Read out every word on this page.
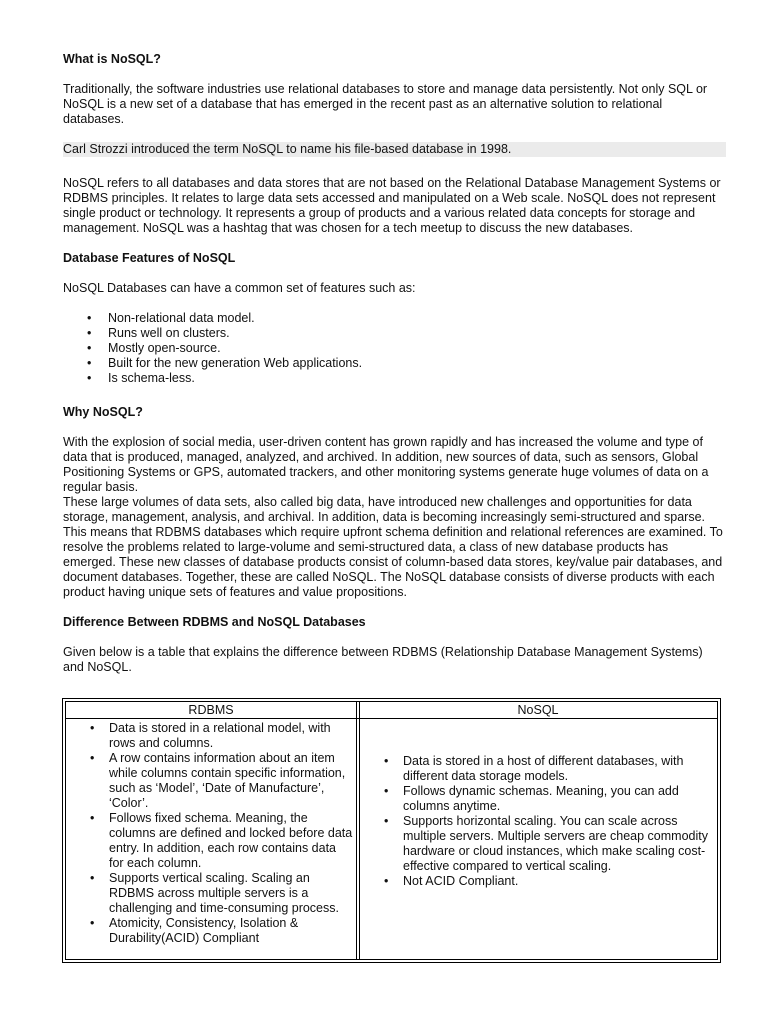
What is NoSQL?

Traditionally, the software industries use relational databases to store and manage data persistently. Not only SQL or NoSQL is a new set of a database that has emerged in the recent past as an alternative solution to relational databases.

Carl Strozzi introduced the term NoSQL to name his file-based database in 1998.

NoSQL refers to all databases and data stores that are not based on the Relational Database Management Systems or RDBMS principles. It relates to large data sets accessed and manipulated on a Web scale. NoSQL does not represent single product or technology. It represents a group of products and a various related data concepts for storage and management. NoSQL was a hashtag that was chosen for a tech meetup to discuss the new databases.

Database Features of NoSQL

NoSQL Databases can have a common set of features such as:

• Non-relational data model.
• Runs well on clusters.
• Mostly open-source.
• Built for the new generation Web applications.
• Is schema-less.
Why NoSQL?

With the explosion of social media, user-driven content has grown rapidly and has increased the volume and type of data that is produced, managed, analyzed, and archived. In addition, new sources of data, such as sensors, Global Positioning Systems or GPS, automated trackers, and other monitoring systems generate huge volumes of data on a regular basis.

These large volumes of data sets, also called big data, have introduced new challenges and opportunities for data storage, management, analysis, and archival. In addition, data is becoming increasingly semi-structured and sparse. This means that RDBMS databases which require upfront schema definition and relational references are examined. To resolve the problems related to large-volume and semi-structured data, a class of new database products has emerged. These new classes of database products consist of column-based data stores, key/value pair databases, and document databases. Together, these are called NoSQL. The NoSQL database consists of diverse products with each product having unique sets of features and value propositions.

Difference Between RDBMS and NoSQL Databases

Given below is a table that explains the difference between RDBMS (Relationship Database Management Systems) and NoSQL.

RDBMS	NoSQL
• Data is stored in a relational model, with rows and columns.
• A row contains information about an item while columns contain specific information, such as ‘Model’, ‘Date of Manufacture’, ‘Color’.
• Follows fixed schema. Meaning, the columns are defined and locked before data entry. In addition, each row contains data for each column.
• Supports vertical scaling. Scaling an RDBMS across multiple servers is a challenging and time-consuming process.
• Atomicity, Consistency, Isolation & Durability(ACID) Compliant
• Data is stored in a host of different databases, with different data storage models.
• Follows dynamic schemas. Meaning, you can add columns anytime.
• Supports horizontal scaling. You can scale across multiple servers. Multiple servers are cheap commodity hardware or cloud instances, which make scaling cost-effective compared to vertical scaling.
• Not ACID Compliant.
